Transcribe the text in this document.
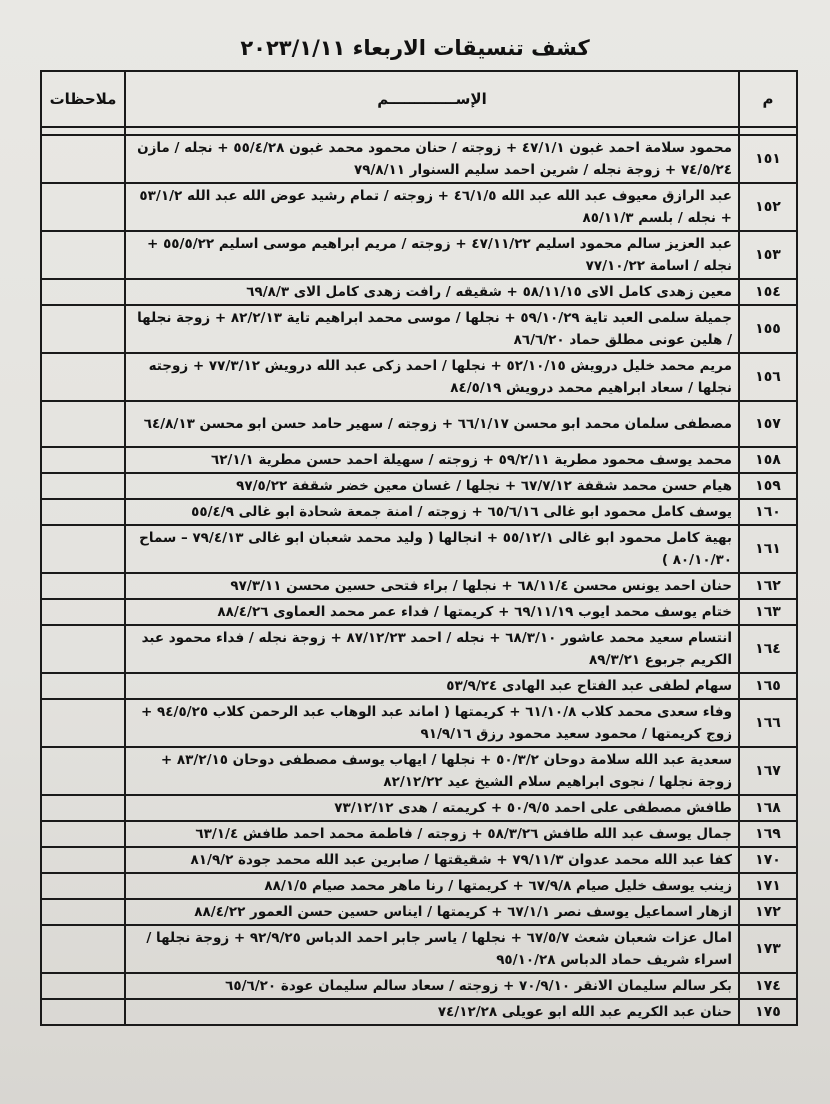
كشف تنسيقات الاربعاء ٢٠٢٣/١/١١
م	الإســـــــــــــم	ملاحظات

١٥١	محمود سلامة احمد غبون ٤٧/١/١ + زوجته / حنان محمود محمد غبون ٥٥/٤/٢٨ + نجله / مازن ٧٤/٥/٢٤ + زوجة نجله / شرين احمد سليم السنوار ٧٩/٨/١١	
١٥٢	عبد الرازق معيوف عبد الله عبد الله ٤٦/١/٥ + زوجته / تمام رشيد عوض الله عبد الله ٥٣/١/٢ + نجله / بلسم ٨٥/١١/٣	
١٥٣	عبد العزيز سالم محمود اسليم ٤٧/١١/٢٢ + زوجته / مريم ابراهيم موسى اسليم ٥٥/٥/٢٢ + نجله / اسامة ٧٧/١٠/٢٢	
١٥٤	معين زهدى كامل الاى ٥٨/١١/١٥ + شقيقه / رافت زهدى كامل الاى ٦٩/٨/٣	
١٥٥	جميلة سلمى العبد تاية ٥٩/١٠/٢٩ + نجلها / موسى محمد ابراهيم تاية ٨٢/٢/١٣ + زوجة نجلها / هلين عونى مطلق حماد ٨٦/٦/٢٠	
١٥٦	مريم محمد خليل درويش ٥٢/١٠/١٥ + نجلها / احمد زكى عبد الله درويش ٧٧/٣/١٢ + زوجته نجلها / سعاد ابراهيم محمد درويش ٨٤/٥/١٩	
١٥٧	مصطفى سلمان محمد ابو محسن ٦٦/١/١٧ + زوجته / سهير حامد حسن ابو محسن ٦٤/٨/١٣	
١٥٨	محمد يوسف محمود مطرية ٥٩/٢/١١ + زوجته / سهيلة احمد حسن مطرية ٦٢/١/١	
١٥٩	هيام حسن محمد شقفة ٦٧/٧/١٢ + نجلها / غسان معين خضر شقفة ٩٧/٥/٢٢	
١٦٠	يوسف كامل محمود ابو غالى ٦٥/٦/١٦ + زوجته / امنة جمعة شحادة ابو غالى ٥٥/٤/٩	
١٦١	بهية كامل محمود ابو غالى ٥٥/١٢/١ + انجالها ( وليد محمد شعبان ابو غالى ٧٩/٤/١٣ – سماح ٨٠/١٠/٣٠ )	
١٦٢	حنان احمد يونس محسن ٦٨/١١/٤ + نجلها / براء فتحى حسين محسن ٩٧/٣/١١	
١٦٣	ختام يوسف محمد ايوب ٦٩/١١/١٩ + كريمتها / فداء عمر محمد العماوى ٨٨/٤/٢٦	
١٦٤	انتسام سعيد محمد عاشور ٦٨/٣/١٠ + نجله / احمد ٨٧/١٢/٢٣ + زوجة نجله / فداء محمود عبد الكريم جربوع ٨٩/٣/٢١	
١٦٥	سهام لطفى عبد الفتاح عبد الهادى ٥٣/٩/٢٤	
١٦٦	وفاء سعدى محمد كلاب ٦١/١٠/٨ + كريمتها ( اماند عبد الوهاب عبد الرحمن كلاب ٩٤/٥/٢٥ + زوج كريمتها / محمود سعيد محمود رزق ٩١/٩/١٦	
١٦٧	سعدية عبد الله سلامة دوحان ٥٠/٣/٢ + نجلها / ايهاب يوسف مصطفى دوحان ٨٣/٢/١٥ + زوجة نجلها / نجوى ابراهيم سلام الشيخ عيد ٨٢/١٢/٢٢	
١٦٨	طافش مصطفى على احمد ٥٠/٩/٥ + كريمته / هدى ٧٣/١٢/١٢	
١٦٩	جمال يوسف عبد الله طافش ٥٨/٣/٢٦ + زوجته / فاطمة محمد احمد طافش ٦٣/١/٤	
١٧٠	كفا عبد الله محمد عدوان ٧٩/١١/٣ + شقيقتها / صابرين عبد الله محمد جودة ٨١/٩/٢	
١٧١	زينب يوسف خليل صيام ٦٧/٩/٨ + كريمتها / رنا ماهر محمد صيام ٨٨/١/٥	
١٧٢	ازهار اسماعيل يوسف نصر ٦٧/١/١ + كريمتها / ايناس حسين حسن العمور ٨٨/٤/٢٢	
١٧٣	امال عزات شعبان شعث ٦٧/٥/٧ + نجلها / ياسر جابر احمد الدباس ٩٢/٩/٢٥ + زوجة نجلها / اسراء شريف حماد الدباس ٩٥/١٠/٢٨	
١٧٤	بكر سالم سليمان الانقر ٧٠/٩/١٠ + زوجته / سعاد سالم سليمان عودة ٦٥/٦/٢٠	
١٧٥	حنان عبد الكريم عبد الله ابو عويلى ٧٤/١٢/٢٨	
